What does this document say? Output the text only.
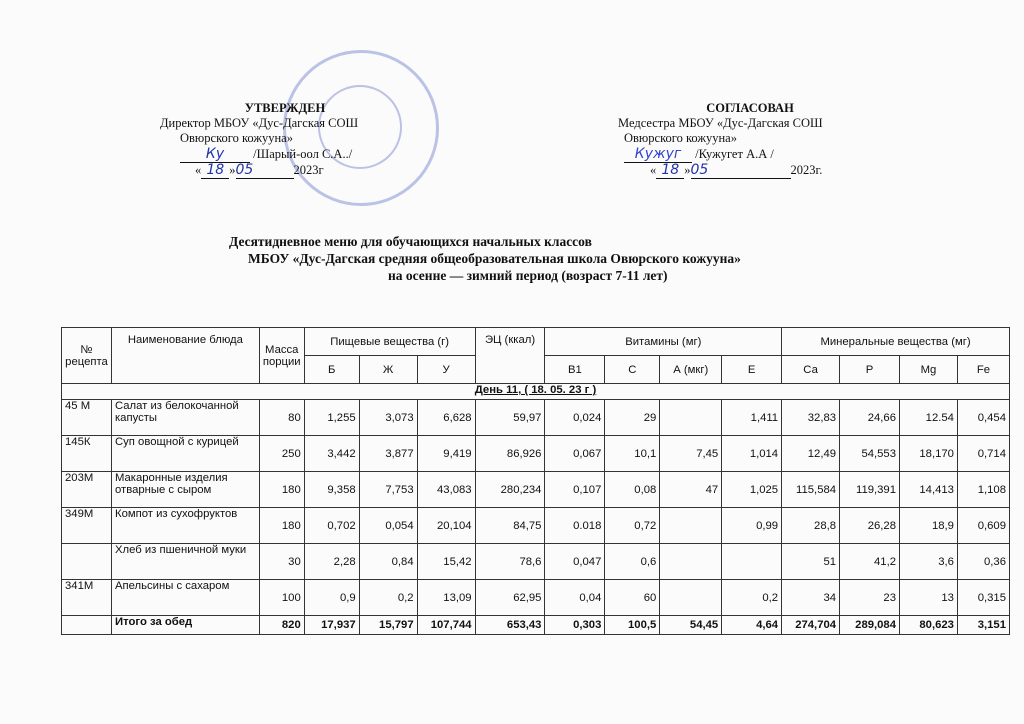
УТВЕРЖДЕН
Директор МБОУ «Дус-Дагская СОШ
Овюрского кожууна»
Ку /Шарый-оол С.А../
« 18 »05	2023г
СОГЛАСОВАН
Медсестра МБОУ «Дус-Дагская СОШ
Овюрского кожууна»
Кужуг /Кужугет А.А /
« 18 »05	2023г.
Десятидневное меню для обучающихся начальных классов
МБОУ «Дус-Дагская средняя общеобразовательная школа Овюрского кожууна»
на осенне — зимний период (возраст 7-11 лет)
№ рецепта	Наименование блюда	Масса порции	Пищевые вещества (г)			ЭЦ (ккал)	Витамины (мг)				Минеральные вещества (мг)			
			Б	Ж	У		В1	С	А (мкг)	Е	Са	Р	Mg	Fe
День 11, ( 18. 05. 23 г )														
45 М	Салат из белокочанной капусты	80	1,255	3,073	6,628	59,97	0,024	29		1,411	32,83	24,66	12.54	0,454
145К	Суп овощной с курицей	250	3,442	3,877	9,419	86,926	0,067	10,1	7,45	1,014	12,49	54,553	18,170	0,714
203М	Макаронные изделия отварные с сыром	180	9,358	7,753	43,083	280,234	0,107	0,08	47	1,025	115,584	119,391	14,413	1,108
349М	Компот из сухофруктов	180	0,702	0,054	20,104	84,75	0.018	0,72		0,99	28,8	26,28	18,9	0,609
	Хлеб из пшеничной муки	30	2,28	0,84	15,42	78,6	0,047	0,6			51	41,2	3,6	0,36
341М	Апельсины с сахаром	100	0,9	0,2	13,09	62,95	0,04	60		0,2	34	23	13	0,315
	Итого за обед	820	17,937	15,797	107,744	653,43	0,303	100,5	54,45	4,64	274,704	289,084	80,623	3,151
